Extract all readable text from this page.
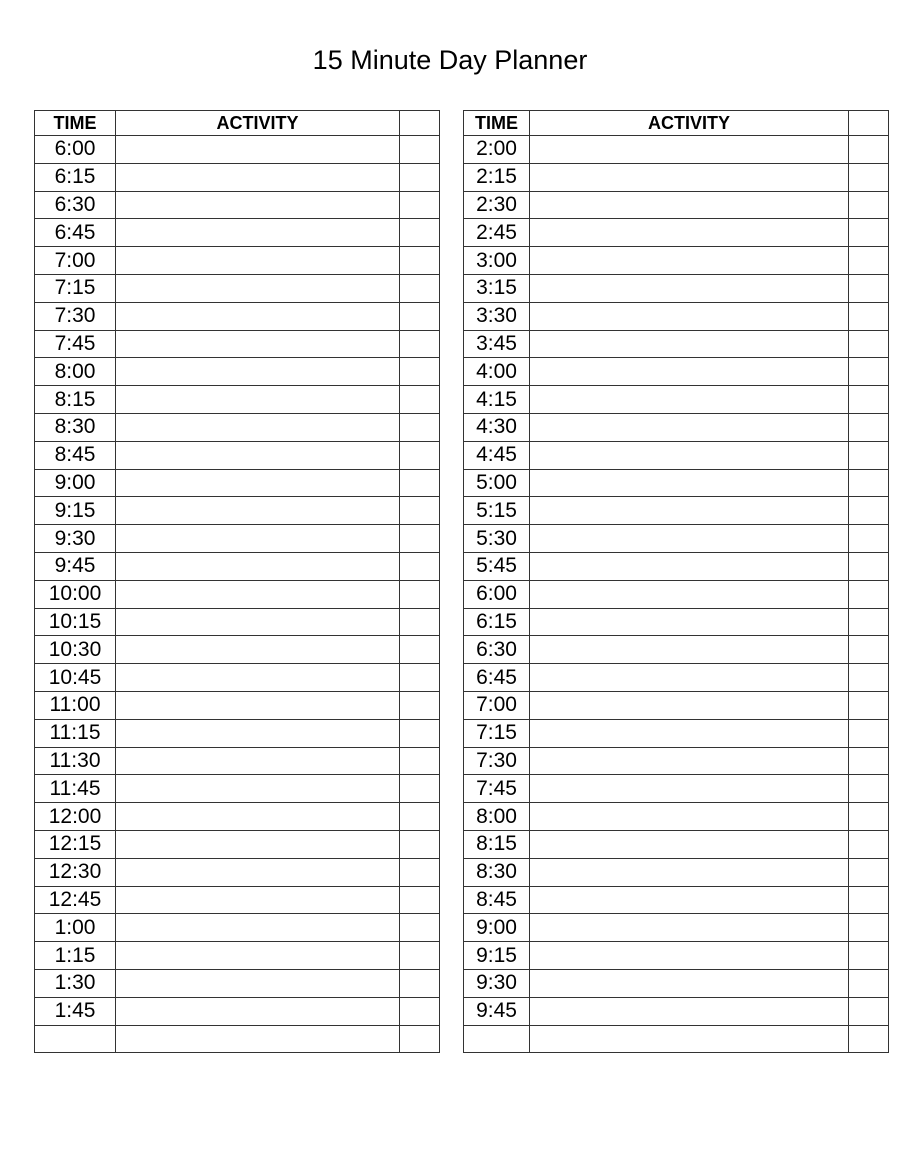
15 Minute Day Planner
TIME	ACTIVITY			TIME	ACTIVITY	
6:00				2:00		
6:15				2:15		
6:30				2:30		
6:45				2:45		
7:00				3:00		
7:15				3:15		
7:30				3:30		
7:45				3:45		
8:00				4:00		
8:15				4:15		
8:30				4:30		
8:45				4:45		
9:00				5:00		
9:15				5:15		
9:30				5:30		
9:45				5:45		
10:00				6:00		
10:15				6:15		
10:30				6:30		
10:45				6:45		
11:00				7:00		
11:15				7:15		
11:30				7:30		
11:45				7:45		
12:00				8:00		
12:15				8:15		
12:30				8:30		
12:45				8:45		
1:00				9:00		
1:15				9:15		
1:30				9:30		
1:45				9:45		
